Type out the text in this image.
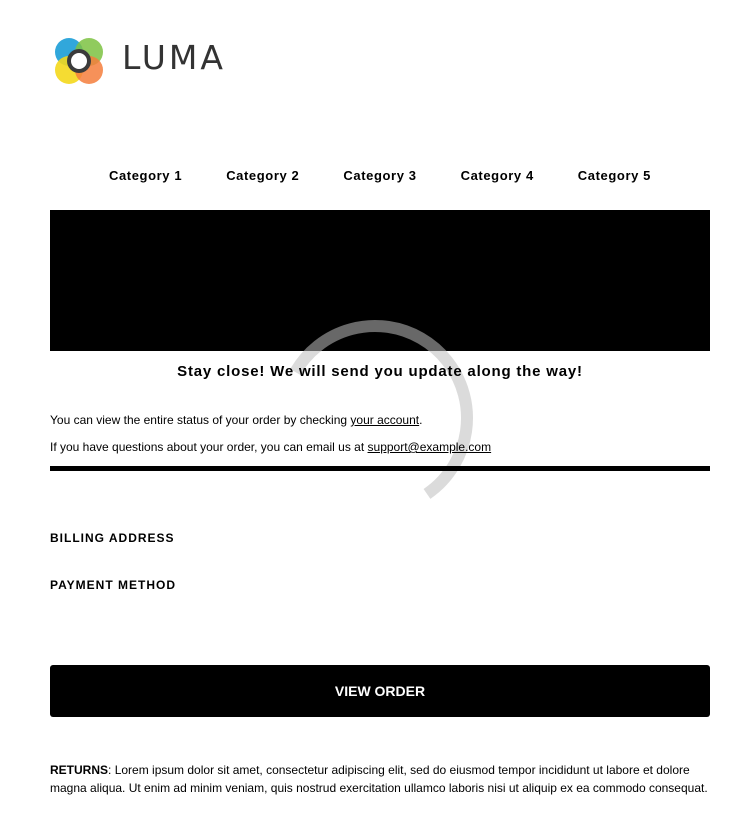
LUMA
Category 1	Category 2	Category 3	Category 4	Category 5
Stay close! We will send you update along the way!
You can view the entire status of your order by checking your account.
If you have questions about your order, you can email us at support@example.com
BILLING ADDRESS
PAYMENT METHOD
VIEW ORDER
RETURNS: Lorem ipsum dolor sit amet, consectetur adipiscing elit, sed do eiusmod tempor incididunt ut labore et dolore magna aliqua. Ut enim ad minim veniam, quis nostrud exercitation ullamco laboris nisi ut aliquip ex ea commodo consequat.
